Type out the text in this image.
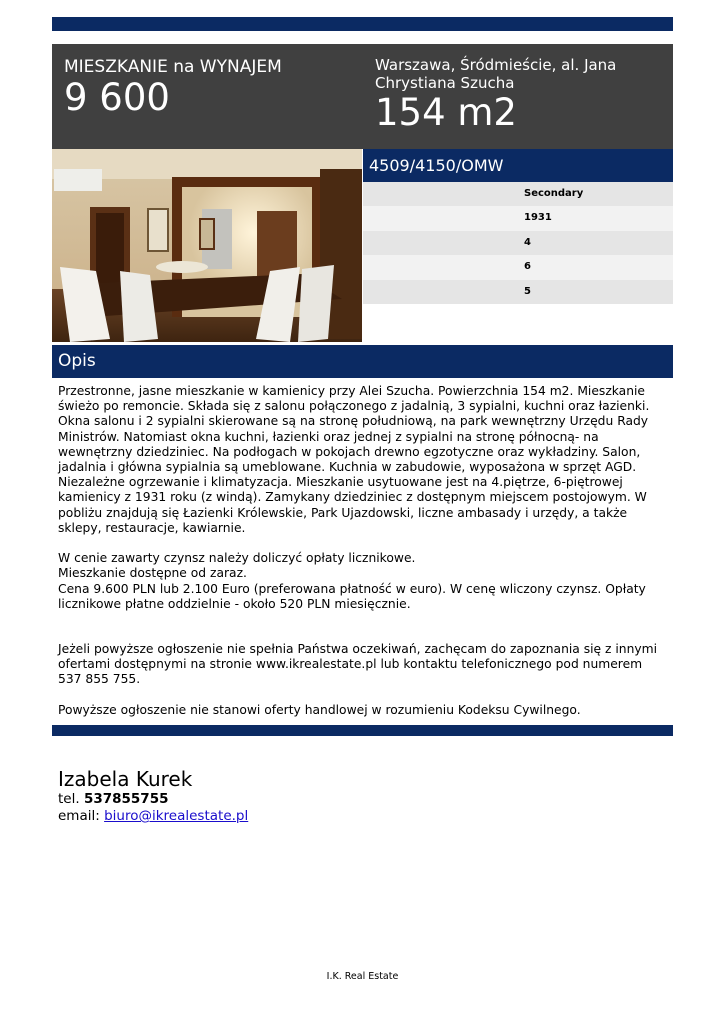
MIESZKANIE na WYNAJEM
9 600
Warszawa, Śródmieście, al. Jana Chrystiana Szucha
154 m2
4509/4150/OMW
Secondary
1931
4
6
5
Opis

Przestronne, jasne mieszkanie w kamienicy przy Alei Szucha. Powierzchnia 154 m2. Mieszkanie świeżo po remoncie. Składa się z salonu połączonego z jadalnią, 3 sypialni, kuchni oraz łazienki. Okna salonu i 2 sypialni skierowane są na stronę południową, na park wewnętrzny Urzędu Rady Ministrów. Natomiast okna kuchni, łazienki oraz jednej z sypialni na stronę północną- na wewnętrzny dziedziniec. Na podłogach w pokojach drewno egzotyczne oraz wykładziny. Salon, jadalnia i główna sypialnia są umeblowane. Kuchnia w zabudowie, wyposażona w sprzęt AGD. Niezależne ogrzewanie i klimatyzacja. Mieszkanie usytuowane jest na 4.piętrze, 6-piętrowej kamienicy z 1931 roku (z windą). Zamykany dziedziniec z dostępnym miejscem postojowym. W pobliżu znajdują się Łazienki Królewskie, Park Ujazdowski, liczne ambasady i urzędy, a także sklepy, restauracje, kawiarnie.

W cenie zawarty czynsz należy doliczyć opłaty licznikowe.
Mieszkanie dostępne od zaraz.
Cena 9.600 PLN lub 2.100 Euro (preferowana płatność w euro). W cenę wliczony czynsz. Opłaty licznikowe płatne oddzielnie - około 520 PLN miesięcznie.

Jeżeli powyższe ogłoszenie nie spełnia Państwa oczekiwań, zachęcam do zapoznania się z innymi ofertami dostępnymi na stronie www.ikrealestate.pl lub kontaktu telefonicznego pod numerem 537 855 755.

Powyższe ogłoszenie nie stanowi oferty handlowej w rozumieniu Kodeksu Cywilnego.

Izabela Kurek
tel. 537855755
email: biuro@ikrealestate.pl
I.K. Real Estate
